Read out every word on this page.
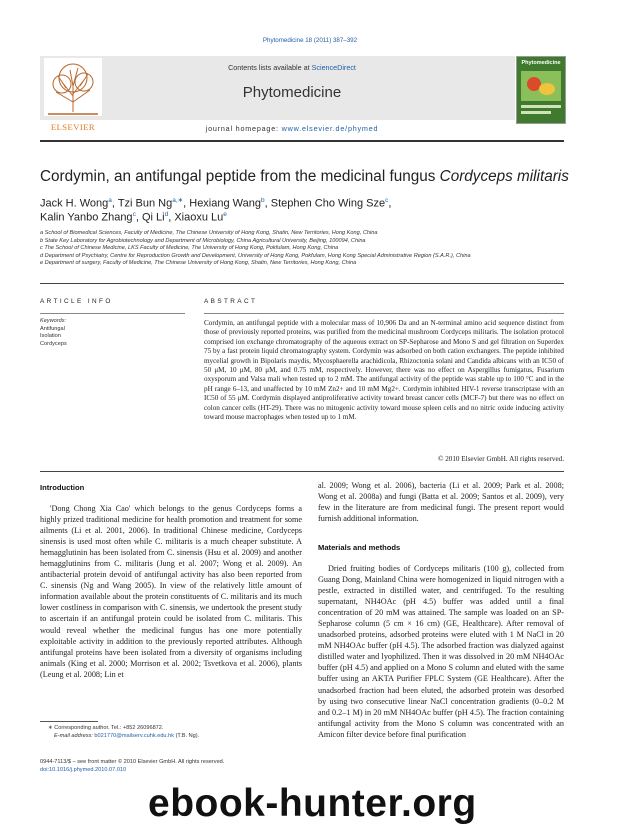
Phytomedicine 18 (2011) 387–392
ELSEVIER
Contents lists available at ScienceDirect
Phytomedicine
journal homepage: www.elsevier.de/phymed
Phytomedicine
Cordymin, an antifungal peptide from the medicinal fungus Cordyceps militaris
Jack H. Wong$^a$, Tzi Bun $Ng^{a,∗}$, Hexiang Wang$^b$, Stephen Cho Wing Sze$^c$,
Kalin Yanbo Zhang$^c$, Qi Li$^d$, Xiaoxu Lu$^e$
a School of Biomedical Sciences, Faculty of Medicine, The Chinese University of Hong Kong, Shatin, New Territories, Hong Kong, China
b State Key Laboratory for Agrobiotechnology and Department of Microbiology, China Agricultural University, Beijing, 100094, China
c The School of Chinese Medicine, LKS Faculty of Medicine, The University of Hong Kong, Pokfulam, Hong Kong, China
d Department of Psychiatry, Centre for Reproduction Growth and Development, University of Hong Kong, Pokfulam, Hong Kong Special Administrative Region (S.A.R.), China
e Department of surgery, Faculty of Medicine, The Chinese University of Hong Kong, Shatin, New Territories, Hong Kong, China
ARTICLE INFO
Keywords:
Antifungal
Isolation
Cordyceps
ABSTRACT
Cordymin, an antifungal peptide with a molecular mass of 10,906 Da and an N-terminal amino acid sequence distinct from those of previously reported proteins, was purified from the medicinal mushroom Cordyceps militaris. The isolation protocol comprised ion exchange chromatography of the aqueous extract on SP-Sepharose and Mono S and gel filtration on Superdex 75 by a fast protein liquid chromatography system. Cordymin was adsorbed on both cation exchangers. The peptide inhibited mycelial growth in Bipolaris maydis, Mycosphaerella arachidicola, Rhizoctonia solani and Candida albicans with an IC50 of 50 μM, 10 μM, 80 μM, and 0.75 mM, respectively. However, there was no effect on Aspergillus fumigatus, Fusarium oxysporum and Valsa mali when tested up to 2 mM. The antifungal activity of the peptide was stable up to 100 °C and in the pH range 6–13, and unaffected by 10 mM Zn2+ and 10 mM Mg2+. Cordymin inhibited HIV-1 reverse transcriptase with an IC50 of 55 μM. Cordymin displayed antiproliferative activity toward breast cancer cells (MCF-7) but there was no effect on colon cancer cells (HT-29). There was no mitogenic activity toward mouse spleen cells and no nitric oxide inducing activity toward mouse macrophages when tested up to 1 mM.
© 2010 Elsevier GmbH. All rights reserved.
Introduction

'Dong Chong Xia Cao' which belongs to the genus Cordyceps forms a highly prized traditional medicine for health promotion and treatment for some ailments (Li et al. 2001, 2006). In traditional Chinese medicine, Cordyceps sinensis is used most often while C. militaris is a much cheaper substitute. A hemagglutinin has been isolated from C. sinensis (Hsu et al. 2009) and another hemagglutinins from C. militaris (Jung et al. 2007; Wong et al. 2009). An antibacterial protein devoid of antifungal activity has also been reported from C. sinensis (Ng and Wang 2005). In view of the relatively little amount of information available about the protein constituents of C. militaris and its much lower costliness in comparison with C. sinensis, we undertook the present study to ascertain if an antifungal protein could be isolated from C. militaris. This would reveal whether the medicinal fungus has one more potentially exploitable activity in addition to the previously reported attributes. Although antifungal proteins have been isolated from a diversity of organisms including animals (King et al. 2000; Morrison et al. 2002; Tsvetkova et al. 2006), plants (Leung et al. 2008; Lin et

al. 2009; Wong et al. 2006), bacteria (Li et al. 2009; Park et al. 2008; Wong et al. 2008a) and fungi (Batta et al. 2009; Santos et al. 2009), very few in the literature are from medicinal fungi. The present report would furnish additional information.

Materials and methods

Dried fruiting bodies of Cordyceps militaris (100 g), collected from Guang Dong, Mainland China were homogenized in liquid nitrogen with a pestle, extracted in distilled water, and centrifuged. To the resulting supernatant, NH4OAc (pH 4.5) buffer was added until a final concentration of 20 mM was attained. The sample was loaded on an SP-Sepharose column (5 cm × 16 cm) (GE, Healthcare). After removal of unadsorbed proteins, adsorbed proteins were eluted with 1 M NaCl in 20 mM NH4OAc buffer (pH 4.5). The adsorbed fraction was dialyzed against distilled water and lyophilized. Then it was dissolved in 20 mM NH4OAc buffer (pH 4.5) and applied on a Mono S column and eluted with the same buffer using an AKTA Purifier FPLC System (GE Healthcare). After the unadsorbed fraction had been eluted, the adsorbed protein was desorbed by using two consecutive linear NaCl concentration gradients (0–0.2 M and 0.2–1 M) in 20 mM NH4OAc buffer (pH 4.5). The fraction containing antifungal activity from the Mono S column was concentrated with an Amicon filter device before final purification

∗ Corresponding author. Tel.: +852 26096872.
E-mail address: b021770@mailserv.cuhk.edu.hk (T.B. Ng).
0944-7113/$ – see front matter © 2010 Elsevier GmbH. All rights reserved.
doi:10.1016/j.phymed.2010.07.010
ebook-hunter.org
